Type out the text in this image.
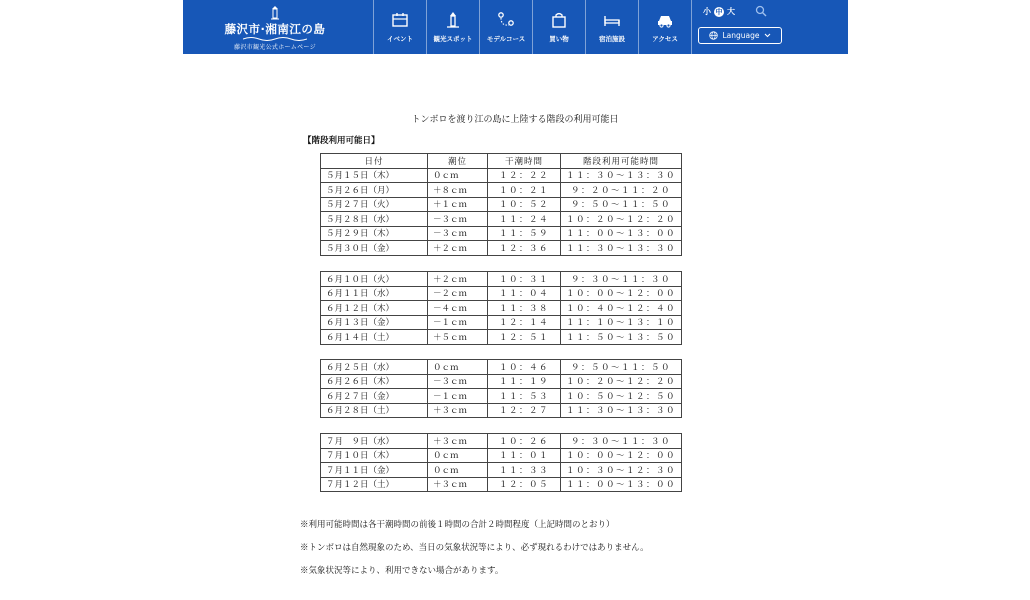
藤沢市·湘南江の島
藤沢市観光公式ホームページ
イベント	観光スポット	モデルコース	買い物	宿泊施設	アクセス
小 中 大
Language
トンボロを渡り江の島に上陸する階段の利用可能日
【階段利用可能日】
日付	潮位	干潮時間	階段利用可能時間
５月１５日（木）	０ｃｍ	１２：２２	１１：３０～１３：３０
５月２６日（月）	＋８ｃｍ	１０：２１	９：２０～１１：２０
５月２７日（火）	＋１ｃｍ	１０：５２	９：５０～１１：５０
５月２８日（水）	－３ｃｍ	１１：２４	１０：２０～１２：２０
５月２９日（木）	－３ｃｍ	１１：５９	１１：００～１３：００
５月３０日（金）	＋２ｃｍ	１２：３６	１１：３０～１３：３０
６月１０日（火）	＋２ｃｍ	１０：３１	９：３０～１１：３０
６月１１日（水）	－２ｃｍ	１１：０４	１０：００～１２：００
６月１２日（木）	－４ｃｍ	１１：３８	１０：４０～１２：４０
６月１３日（金）	－１ｃｍ	１２：１４	１１：１０～１３：１０
６月１４日（土）	＋５ｃｍ	１２：５１	１１：５０～１３：５０
６月２５日（水）	０ｃｍ	１０：４６	９：５０～１１：５０
６月２６日（木）	－３ｃｍ	１１：１９	１０：２０～１２：２０
６月２７日（金）	－１ｃｍ	１１：５３	１０：５０～１２：５０
６月２８日（土）	＋３ｃｍ	１２：２７	１１：３０～１３：３０
７月　９日（水）	＋３ｃｍ	１０：２６	９：３０～１１：３０
７月１０日（木）	０ｃｍ	１１：０１	１０：００～１２：００
７月１１日（金）	０ｃｍ	１１：３３	１０：３０～１２：３０
７月１２日（土）	＋３ｃｍ	１２：０５	１１：００～１３：００
※利用可能時間は各干潮時間の前後１時間の合計２時間程度（上記時間のとおり）
※トンボロは自然現象のため、当日の気象状況等により、必ず現れるわけではありません。
※気象状況等により、利用できない場合があります。
